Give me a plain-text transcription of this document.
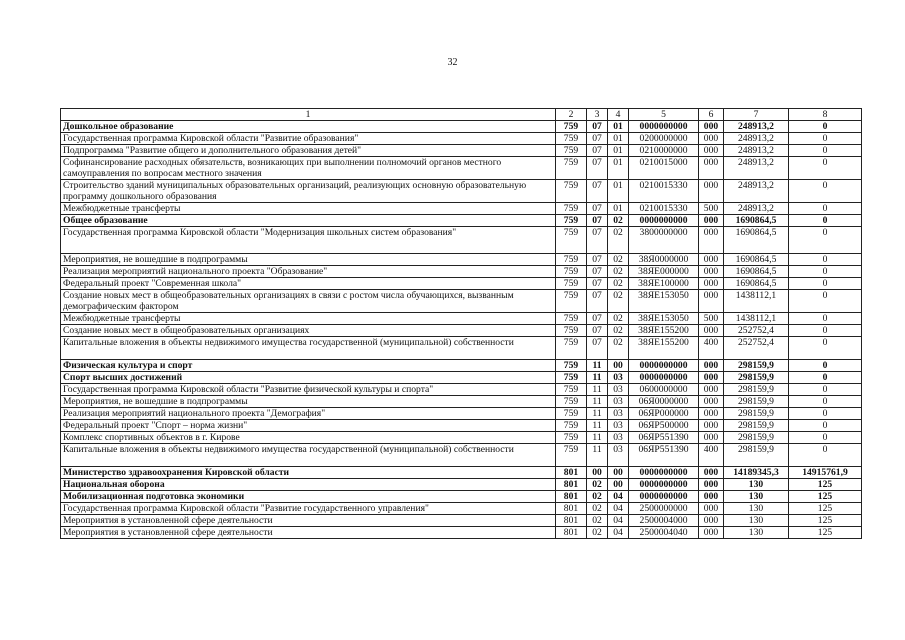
32
1	2	3	4	5	6	7	8
Дошкольное образование	759	07	01	0000000000	000	248913,2	0
Государственная программа Кировской области "Развитие образования"	759	07	01	0200000000	000	248913,2	0
Подпрограмма "Развитие общего и дополнительного образования детей"	759	07	01	0210000000	000	248913,2	0
Софинансирование расходных обязательств, возникающих при выполнении полномочий органов местного самоуправления по вопросам местного значения	759	07	01	0210015000	000	248913,2	0
Строительство зданий муниципальных образовательных организаций, реализующих основную образовательную программу дошкольного образования	759	07	01	0210015330	000	248913,2	0
Межбюджетные трансферты	759	07	01	0210015330	500	248913,2	0
Общее образование	759	07	02	0000000000	000	1690864,5	0
Государственная программа Кировской области "Модернизация школьных систем образования"	759	07	02	3800000000	000	1690864,5	0
Мероприятия, не вошедшие в подпрограммы	759	07	02	38Я0000000	000	1690864,5	0
Реализация мероприятий национального проекта "Образование"	759	07	02	38ЯЕ000000	000	1690864,5	0
Федеральный проект "Современная школа"	759	07	02	38ЯЕ100000	000	1690864,5	0
Создание новых мест в общеобразовательных организациях в связи с ростом числа обучающихся, вызванным демографическим фактором	759	07	02	38ЯЕ153050	000	1438112,1	0
Межбюджетные трансферты	759	07	02	38ЯЕ153050	500	1438112,1	0
Создание новых мест в общеобразовательных организациях	759	07	02	38ЯЕ155200	000	252752,4	0
Капитальные вложения в объекты недвижимого имущества государственной (муниципальной) собственности	759	07	02	38ЯЕ155200	400	252752,4	0
Физическая культура и спорт	759	11	00	0000000000	000	298159,9	0
Спорт высших достижений	759	11	03	0000000000	000	298159,9	0
Государственная программа Кировской области "Развитие физической культуры и спорта"	759	11	03	0600000000	000	298159,9	0
Мероприятия, не вошедшие в подпрограммы	759	11	03	06Я0000000	000	298159,9	0
Реализация мероприятий национального проекта "Демография"	759	11	03	06ЯР000000	000	298159,9	0
Федеральный проект "Спорт – норма жизни"	759	11	03	06ЯР500000	000	298159,9	0
Комплекс спортивных объектов в г. Кирове	759	11	03	06ЯР551390	000	298159,9	0
Капитальные вложения в объекты недвижимого имущества государственной (муниципальной) собственности	759	11	03	06ЯР551390	400	298159,9	0
Министерство здравоохранения Кировской области	801	00	00	0000000000	000	14189345,3	14915761,9
Национальная оборона	801	02	00	0000000000	000	130	125
Мобилизационная подготовка экономики	801	02	04	0000000000	000	130	125
Государственная программа Кировской области "Развитие государственного управления"	801	02	04	2500000000	000	130	125
Мероприятия в установленной сфере деятельности	801	02	04	2500004000	000	130	125
Мероприятия в установленной сфере деятельности	801	02	04	2500004040	000	130	125
